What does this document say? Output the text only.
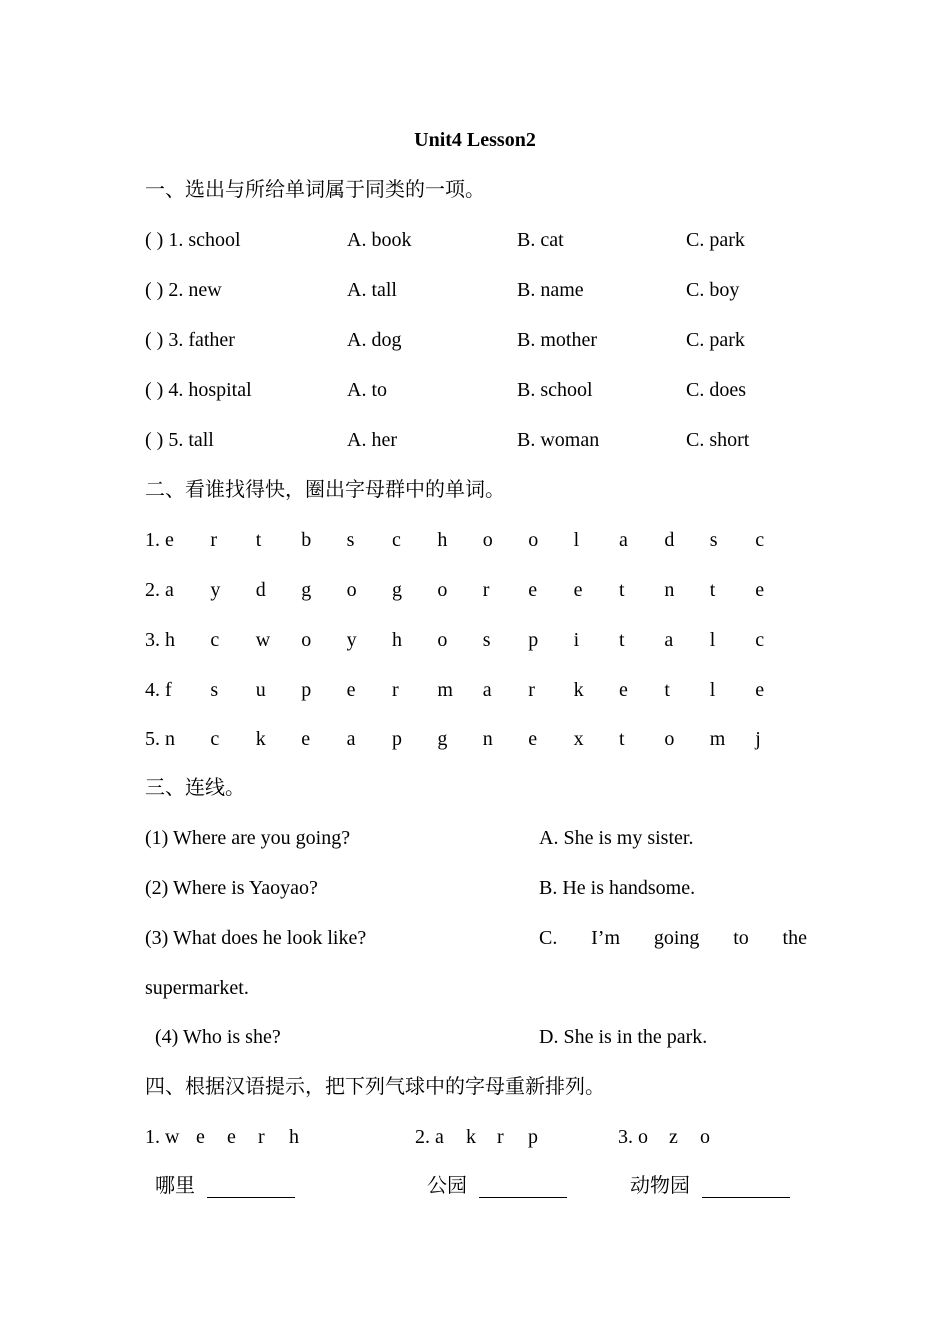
Unit4 Lesson2
一、选出与所给单词属于同类的一项。
( ) 1. school	A. book	B. cat	C. park
( ) 2. new	A. tall	B. name	C. boy
( ) 3. father	A. dog	B. mother	C. park
( ) 4. hospital	A. to	B. school	C. does
( ) 5. tall	A. her	B. woman	C. short
二、看谁找得快，圈出字母群中的单词。
1. e r t b s c h o o l a d s c
2. a y d g o g o r e e t n t e
3. h c w o y h o s p i t a l c
4. f s u p e r m a r k e t l e
5. n c k e a p g n e x t o m j
三、连线。
(1) Where are you going?	A. She is my sister.
(2) Where is Yaoyao?	B. He is handsome.
(3) What does he look like?	C. I’m going to the
supermarket.
(4) Who is she?	D. She is in the park.
四、根据汉语提示，把下列气球中的字母重新排列。
1. w e e r h	2. a k r p	3. o z o
哪里	公园	动物园
